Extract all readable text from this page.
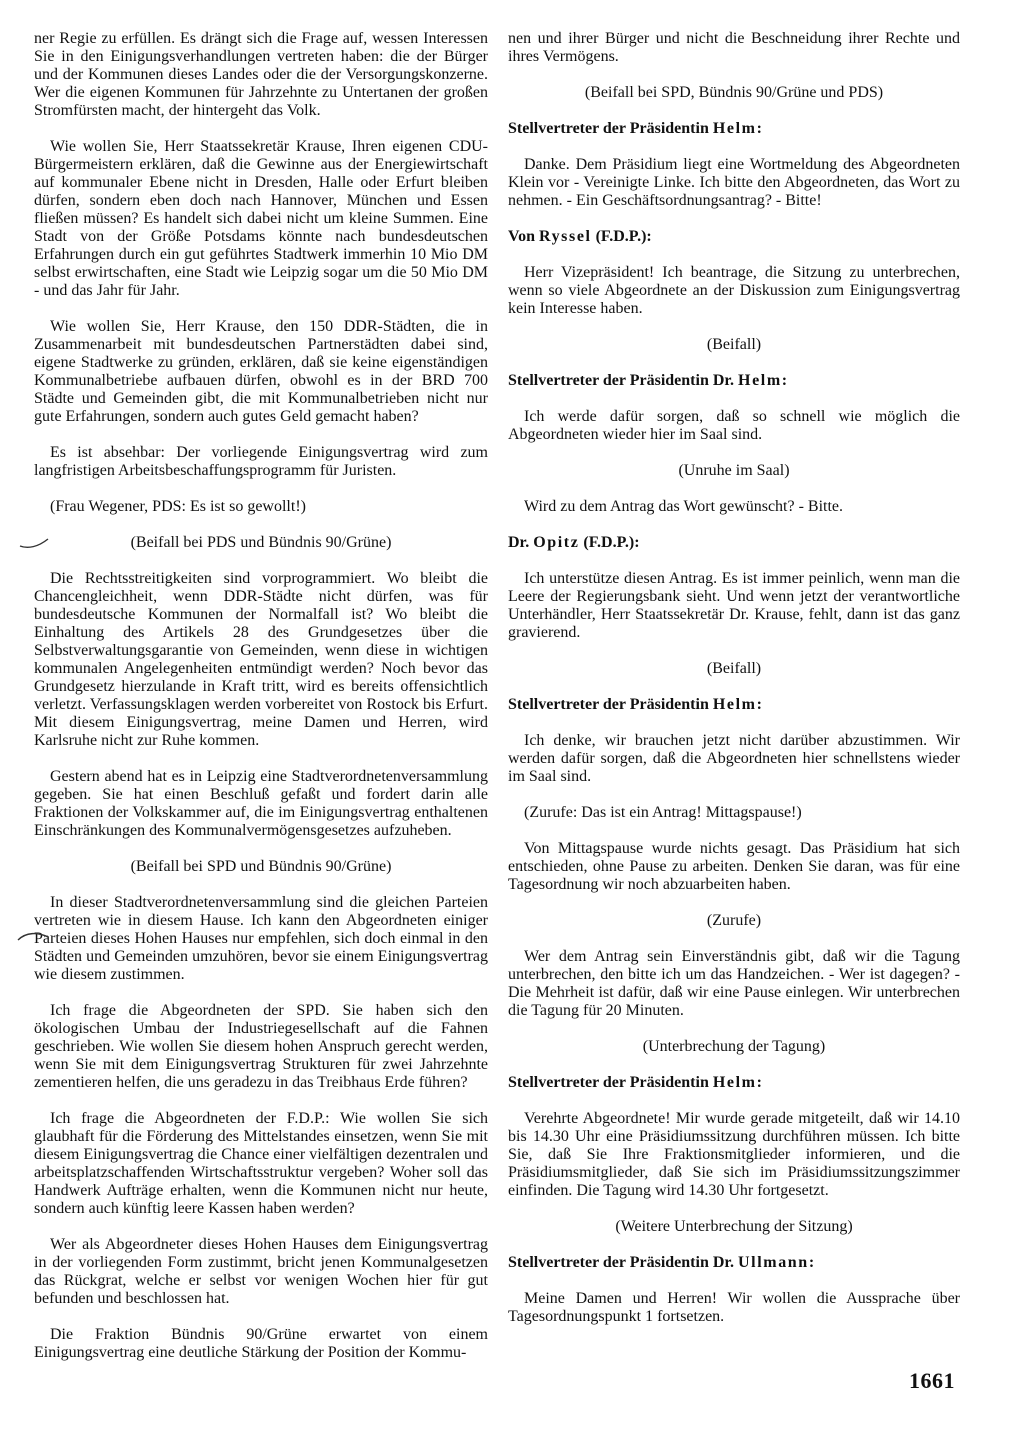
ner Regie zu erfüllen. Es drängt sich die Frage auf, wessen Interessen Sie in den Einigungsverhandlungen vertreten haben: die der Bürger und der Kommunen dieses Landes oder die der Versorgungskonzerne. Wer die eigenen Kommunen für Jahrzehnte zu Untertanen der großen Stromfürsten macht, der hintergeht das Volk.

Wie wollen Sie, Herr Staatssekretär Krause, Ihren eigenen CDU-Bürgermeistern erklären, daß die Gewinne aus der Energiewirtschaft auf kommunaler Ebene nicht in Dresden, Halle oder Erfurt bleiben dürfen, sondern eben doch nach Hannover, München und Essen fließen müssen? Es handelt sich dabei nicht um kleine Summen. Eine Stadt von der Größe Potsdams könnte nach bundesdeutschen Erfahrungen durch ein gut geführtes Stadtwerk immerhin 10 Mio DM selbst erwirtschaften, eine Stadt wie Leipzig sogar um die 50 Mio DM - und das Jahr für Jahr.

Wie wollen Sie, Herr Krause, den 150 DDR-Städten, die in Zusammenarbeit mit bundesdeutschen Partnerstädten dabei sind, eigene Stadtwerke zu gründen, erklären, daß sie keine eigenständigen Kommunalbetriebe aufbauen dürfen, obwohl es in der BRD 700 Städte und Gemeinden gibt, die mit Kommunalbetrieben nicht nur gute Erfahrungen, sondern auch gutes Geld gemacht haben?

Es ist absehbar: Der vorliegende Einigungsvertrag wird zum langfristigen Arbeitsbeschaffungsprogramm für Juristen.

(Frau Wegener, PDS: Es ist so gewollt!)

(Beifall bei PDS und Bündnis 90/Grüne)

Die Rechtsstreitigkeiten sind vorprogrammiert. Wo bleibt die Chancengleichheit, wenn DDR-Städte nicht dürfen, was für bundesdeutsche Kommunen der Normalfall ist? Wo bleibt die Einhaltung des Artikels 28 des Grundgesetzes über die Selbstverwaltungsgarantie von Gemeinden, wenn diese in wichtigen kommunalen Angelegenheiten entmündigt werden? Noch bevor das Grundgesetz hierzulande in Kraft tritt, wird es bereits offensichtlich verletzt. Verfassungsklagen werden vorbereitet von Rostock bis Erfurt. Mit diesem Einigungsvertrag, meine Damen und Herren, wird Karlsruhe nicht zur Ruhe kommen.

Gestern abend hat es in Leipzig eine Stadtverordnetenversammlung gegeben. Sie hat einen Beschluß gefaßt und fordert darin alle Fraktionen der Volkskammer auf, die im Einigungsvertrag enthaltenen Einschränkungen des Kommunalvermögensgesetzes aufzuheben.

(Beifall bei SPD und Bündnis 90/Grüne)

In dieser Stadtverordnetenversammlung sind die gleichen Parteien vertreten wie in diesem Hause. Ich kann den Abgeordneten einiger Parteien dieses Hohen Hauses nur empfehlen, sich doch einmal in den Städten und Gemeinden umzuhören, bevor sie einem Einigungsvertrag wie diesem zustimmen.

Ich frage die Abgeordneten der SPD. Sie haben sich den ökologischen Umbau der Industriegesellschaft auf die Fahnen geschrieben. Wie wollen Sie diesem hohen Anspruch gerecht werden, wenn Sie mit dem Einigungsvertrag Strukturen für zwei Jahrzehnte zementieren helfen, die uns geradezu in das Treibhaus Erde führen?

Ich frage die Abgeordneten der F.D.P.: Wie wollen Sie sich glaubhaft für die Förderung des Mittelstandes einsetzen, wenn Sie mit diesem Einigungsvertrag die Chance einer vielfältigen dezentralen und arbeitsplatzschaffenden Wirtschaftsstruktur vergeben? Woher soll das Handwerk Aufträge erhalten, wenn die Kommunen nicht nur heute, sondern auch künftig leere Kassen haben werden?

Wer als Abgeordneter dieses Hohen Hauses dem Einigungsvertrag in der vorliegenden Form zustimmt, bricht jenen Kommunalgesetzen das Rückgrat, welche er selbst vor wenigen Wochen hier für gut befunden und beschlossen hat.

Die Fraktion Bündnis 90/Grüne erwartet von einem Einigungsvertrag eine deutliche Stärkung der Position der Kommu-

nen und ihrer Bürger und nicht die Beschneidung ihrer Rechte und ihres Vermögens.

(Beifall bei SPD, Bündnis 90/Grüne und PDS)

Stellvertreter der Präsidentin Helm:

Danke. Dem Präsidium liegt eine Wortmeldung des Abgeordneten Klein vor - Vereinigte Linke. Ich bitte den Abgeordneten, das Wort zu nehmen. - Ein Geschäftsordnungsantrag? - Bitte!

Von Ryssel (F.D.P.):

Herr Vizepräsident! Ich beantrage, die Sitzung zu unterbrechen, wenn so viele Abgeordnete an der Diskussion zum Einigungsvertrag kein Interesse haben.

(Beifall)

Stellvertreter der Präsidentin Dr. Helm:

Ich werde dafür sorgen, daß so schnell wie möglich die Abgeordneten wieder hier im Saal sind.

(Unruhe im Saal)

Wird zu dem Antrag das Wort gewünscht? - Bitte.

Dr. Opitz (F.D.P.):

Ich unterstütze diesen Antrag. Es ist immer peinlich, wenn man die Leere der Regierungsbank sieht. Und wenn jetzt der verantwortliche Unterhändler, Herr Staatssekretär Dr. Krause, fehlt, dann ist das ganz gravierend.

(Beifall)

Stellvertreter der Präsidentin Helm:

Ich denke, wir brauchen jetzt nicht darüber abzustimmen. Wir werden dafür sorgen, daß die Abgeordneten hier schnellstens wieder im Saal sind.

(Zurufe: Das ist ein Antrag! Mittagspause!)

Von Mittagspause wurde nichts gesagt. Das Präsidium hat sich entschieden, ohne Pause zu arbeiten. Denken Sie daran, was für eine Tagesordnung wir noch abzuarbeiten haben.

(Zurufe)

Wer dem Antrag sein Einverständnis gibt, daß wir die Tagung unterbrechen, den bitte ich um das Handzeichen. - Wer ist dagegen? - Die Mehrheit ist dafür, daß wir eine Pause einlegen. Wir unterbrechen die Tagung für 20 Minuten.

(Unterbrechung der Tagung)

Stellvertreter der Präsidentin Helm:

Verehrte Abgeordnete! Mir wurde gerade mitgeteilt, daß wir 14.10 bis 14.30 Uhr eine Präsidiumssitzung durchführen müssen. Ich bitte Sie, daß Sie Ihre Fraktionsmitglieder informieren, und die Präsidiumsmitglieder, daß Sie sich im Präsidiumssitzungszimmer einfinden. Die Tagung wird 14.30 Uhr fortgesetzt.

(Weitere Unterbrechung der Sitzung)

Stellvertreter der Präsidentin Dr. Ullmann:

Meine Damen und Herren! Wir wollen die Aussprache über Tagesordnungspunkt 1 fortsetzen.

1661
